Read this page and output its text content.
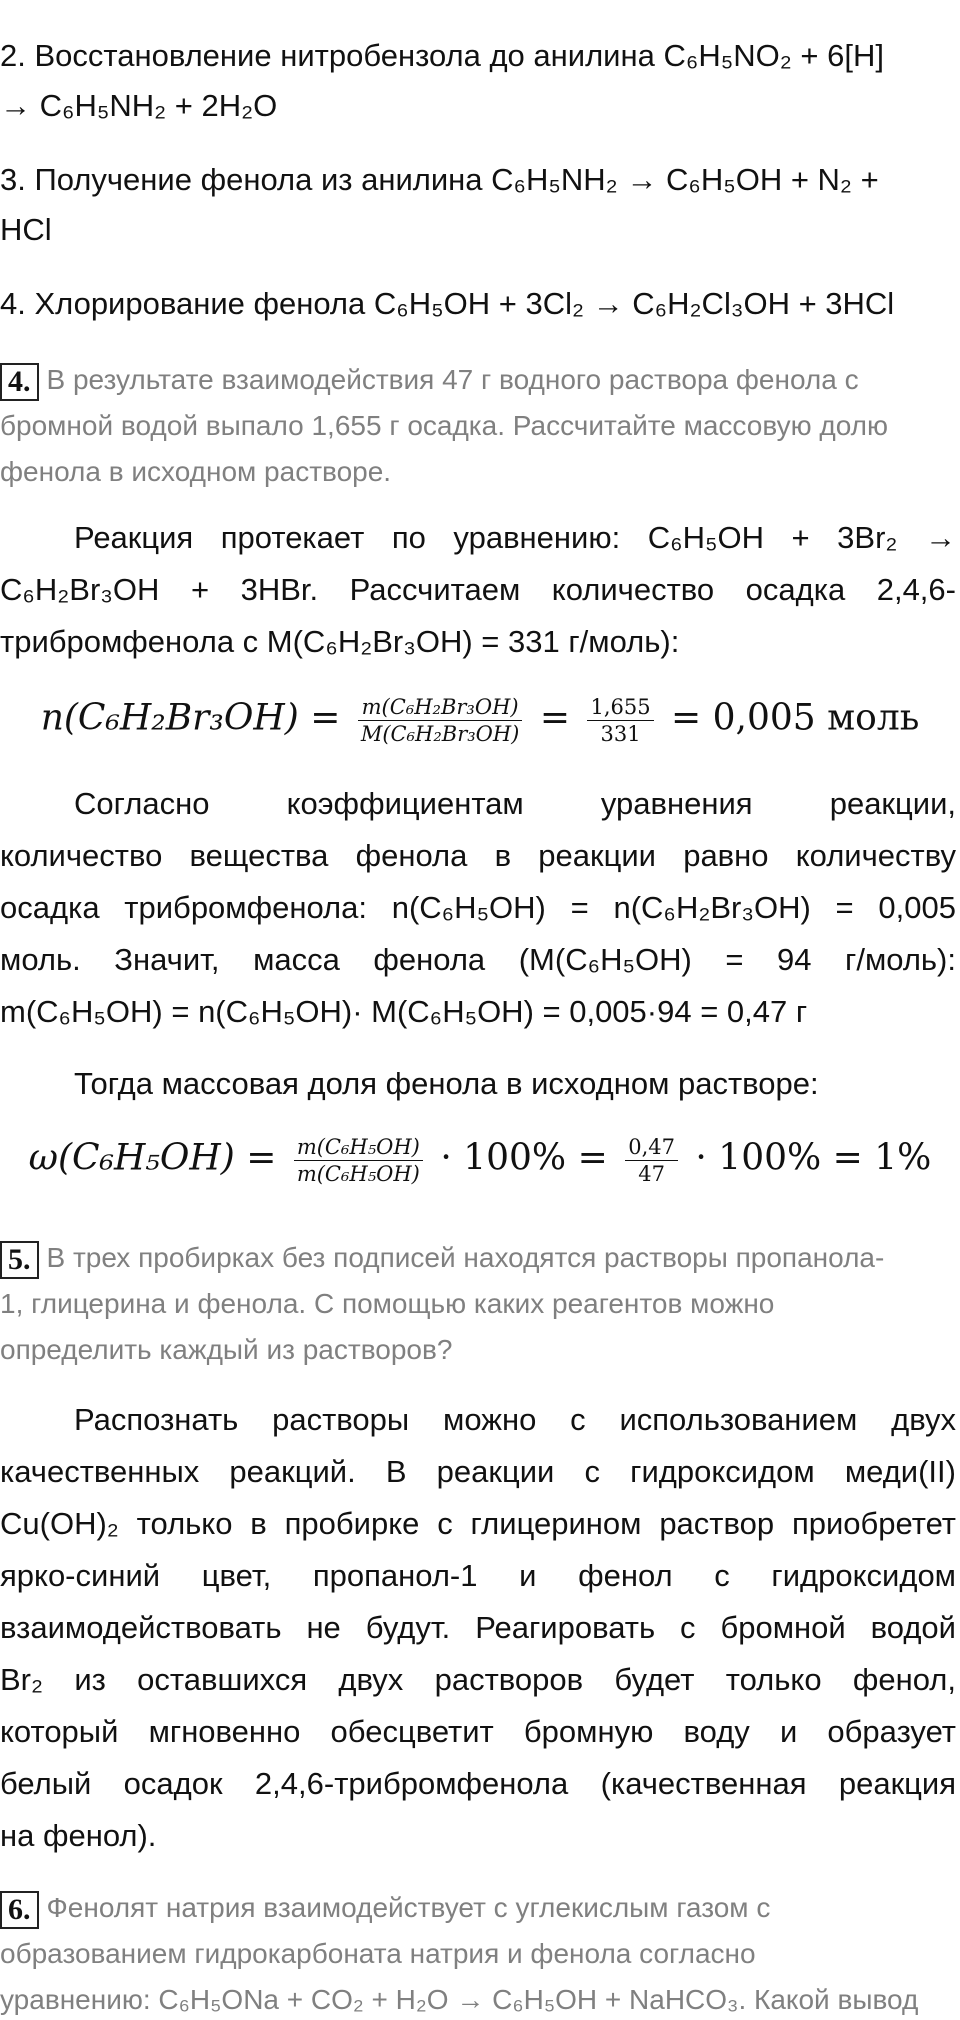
2. Восстановление нитробензола до анилина C₆H₅NO₂ + 6[H]
→ C₆H₅NH₂ + 2H₂O
3. Получение фенола из анилина C₆H₅NH₂ → C₆H₅OH + N₂ +
HCl
4. Хлорирование фенола C₆H₅OH + 3Cl₂ → C₆H₂Cl₃OH + 3HCl
4. В результате взаимодействия 47 г водного раствора фенола с
бромной водой выпало 1,655 г осадка. Рассчитайте массовую долю
фенола в исходном растворе.
Реакция протекает по уравнению: C₆H₅OH + 3Br₂ →
C₆H₂Br₃OH + 3HBr. Рассчитаем количество осадка 2,4,6-
трибромфенола с M(C₆H₂Br₃OH) = 331 г/моль):
$n(C_6H_2Br_3OH) = \frac{\text{m(C₆H₂Br₃OH)}}{\text{M(C₆H₂Br₃OH)}} = \frac{1,655}{331} = 0,005$ моль
Согласно коэффициентам уравнения реакции,
количество вещества фенола в реакции равно количеству
осадка трибромфенола: n(C₆H₅OH) = n(C₆H₂Br₃OH) = 0,005
моль. Значит, масса фенола (M(C₆H₅OH) = 94 г/моль):
m(C₆H₅OH) = n(C₆H₅OH)· M(C₆H₅OH) = 0,005·94 = 0,47 г
Тогда массовая доля фенола в исходном растворе:
$\omega(C_6H_5OH) = \frac{\text{m(C₆H₅OH)}}{\text{m(C₆H₅OH)}} \cdot 100\% = \frac{0,47}{47} \cdot 100\% = 1\%$
5. В трех пробирках без подписей находятся растворы пропанола-
1, глицерина и фенола. С помощью каких реагентов можно
определить каждый из растворов?
Распознать растворы можно с использованием двух
качественных реакций. В реакции с гидроксидом меди(II)
Cu(OH)₂ только в пробирке с глицерином раствор приобретет
ярко-синий цвет, пропанол-1 и фенол с гидроксидом
взаимодействовать не будут. Реагировать с бромной водой
Br₂ из оставшихся двух растворов будет только фенол,
который мгновенно обесцветит бромную воду и образует
белый осадок 2,4,6-трибромфенола (качественная реакция
на фенол).
6. Фенолят натрия взаимодействует с углекислым газом с
образованием гидрокарбоната натрия и фенола согласно
уравнению: C₆H₅ONa + CO₂ + H₂O → C₆H₅OH + NaHCO₃. Какой вывод
